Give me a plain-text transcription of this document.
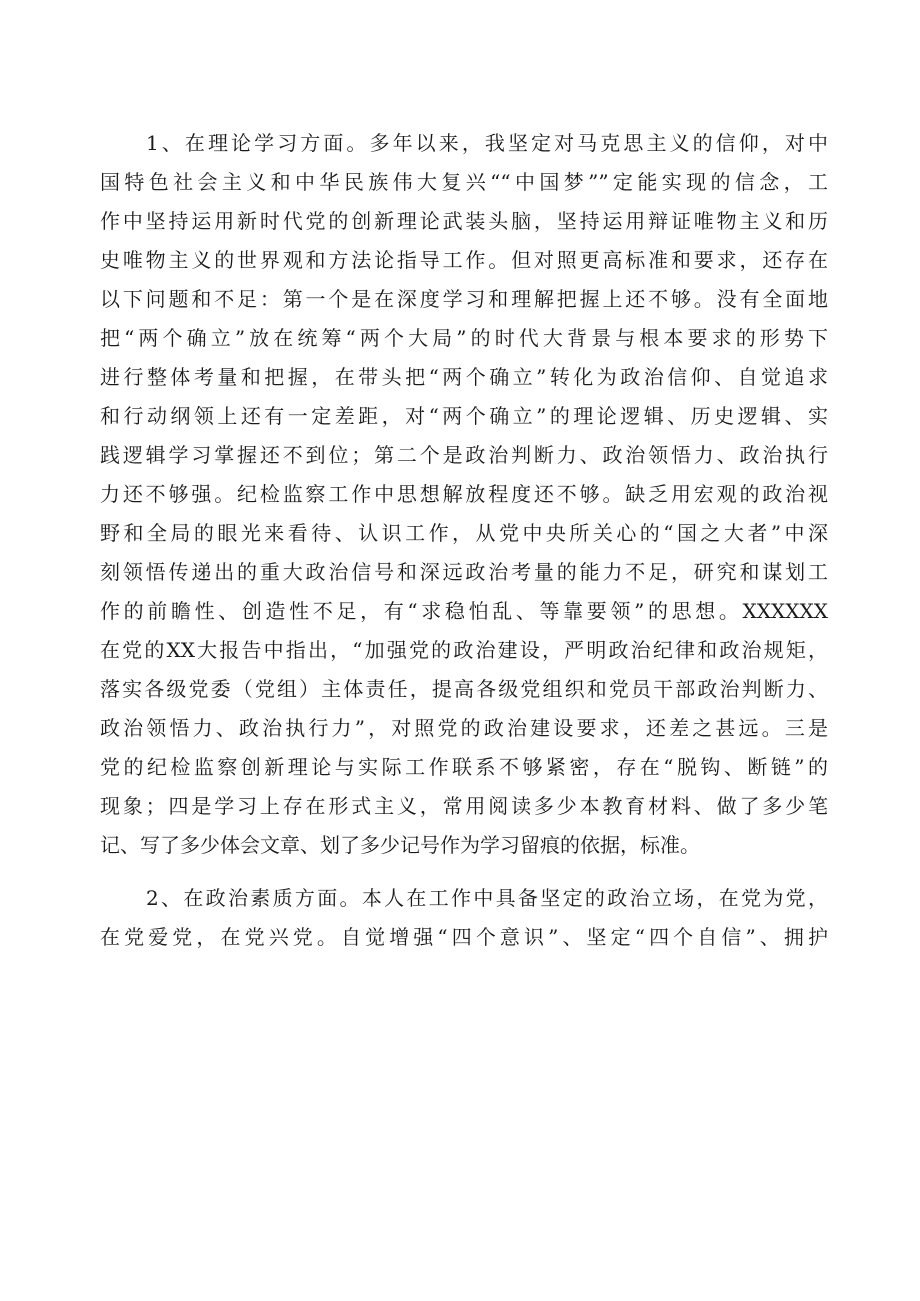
1、在理论学习方面。多年以来，我坚定对马克思主义的信仰，对中
国特色社会主义和中华民族伟大复兴““中国梦””定能实现的信念，工
作中坚持运用新时代党的创新理论武装头脑，坚持运用辩证唯物主义和历
史唯物主义的世界观和方法论指导工作。但对照更高标准和要求，还存在
以下问题和不足：第一个是在深度学习和理解把握上还不够。没有全面地
把“两个确立”放在统筹“两个大局”的时代大背景与根本要求的形势下
进行整体考量和把握，在带头把“两个确立”转化为政治信仰、自觉追求
和行动纲领上还有一定差距，对“两个确立”的理论逻辑、历史逻辑、实
践逻辑学习掌握还不到位；第二个是政治判断力、政治领悟力、政治执行
力还不够强。纪检监察工作中思想解放程度还不够。缺乏用宏观的政治视
野和全局的眼光来看待、认识工作，从党中央所关心的“国之大者”中深
刻领悟传递出的重大政治信号和深远政治考量的能力不足，研究和谋划工
作的前瞻性、创造性不足，有“求稳怕乱、等靠要领”的思想。XXXXXX
在党的XX大报告中指出，“加强党的政治建设，严明政治纪律和政治规矩，
落实各级党委（党组）主体责任，提高各级党组织和党员干部政治判断力、
政治领悟力、政治执行力”，对照党的政治建设要求，还差之甚远。三是
党的纪检监察创新理论与实际工作联系不够紧密，存在“脱钩、断链”的
现象；四是学习上存在形式主义，常用阅读多少本教育材料、做了多少笔
记、写了多少体会文章、划了多少记号作为学习留痕的依据，标准。
2、在政治素质方面。本人在工作中具备坚定的政治立场，在党为党，
在党爱党，在党兴党。自觉增强“四个意识”、坚定“四个自信”、拥护
